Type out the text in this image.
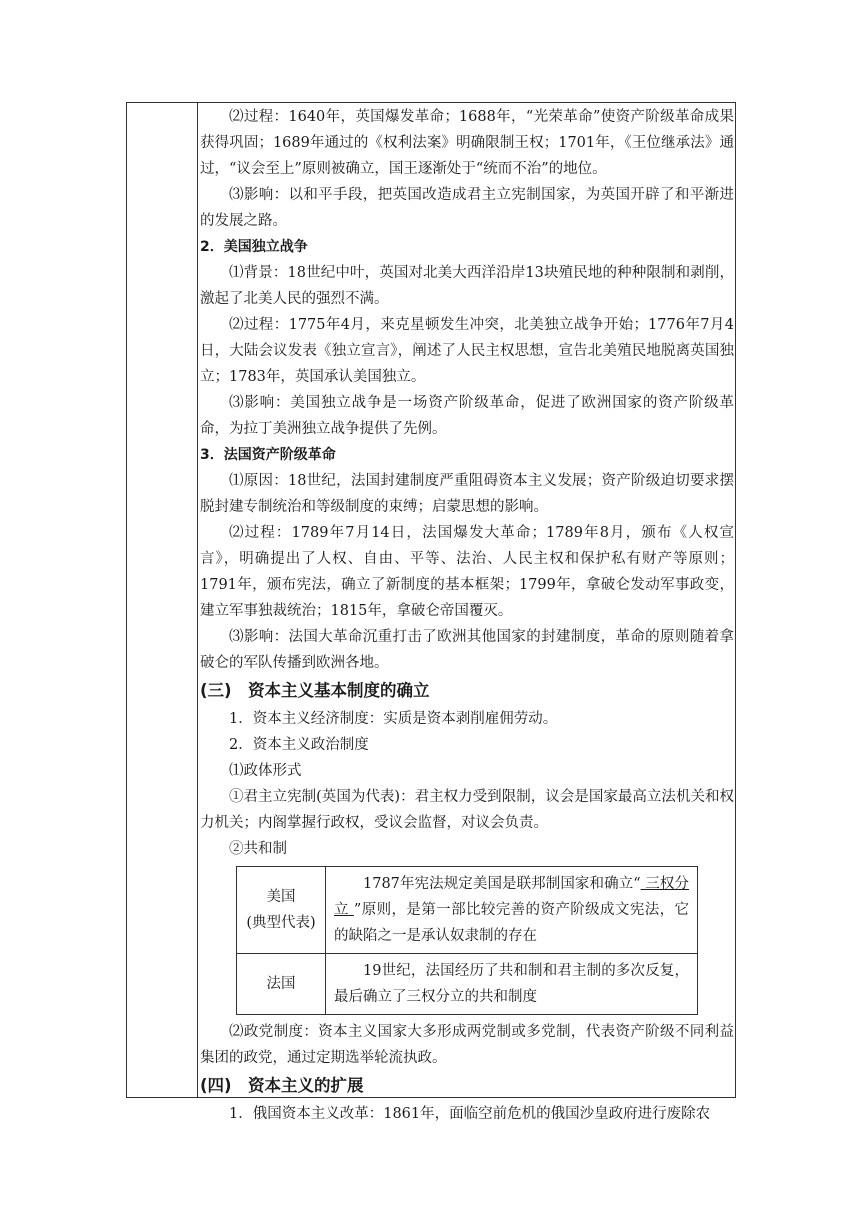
⑵过程：1640年，英国爆发革命；1688年，“光荣革命”使资产阶级革命成果获得巩固；1689年通过的《权利法案》明确限制王权；1701年，《王位继承法》通过，“议会至上”原则被确立，国王逐渐处于“统而不治”的地位。

⑶影响：以和平手段，把英国改造成君主立宪制国家，为英国开辟了和平渐进的发展之路。

2．美国独立战争

⑴背景：18世纪中叶，英国对北美大西洋沿岸13块殖民地的种种限制和剥削，激起了北美人民的强烈不满。

⑵过程：1775年4月，来克星顿发生冲突，北美独立战争开始；1776年7月4日，大陆会议发表《独立宣言》，阐述了人民主权思想，宣告北美殖民地脱离英国独立；1783年，英国承认美国独立。

⑶影响：美国独立战争是一场资产阶级革命，促进了欧洲国家的资产阶级革命，为拉丁美洲独立战争提供了先例。

3．法国资产阶级革命

⑴原因：18世纪，法国封建制度严重阻碍资本主义发展；资产阶级迫切要求摆脱封建专制统治和等级制度的束缚；启蒙思想的影响。

⑵过程：1789年7月14日，法国爆发大革命；1789年8月，颁布《人权宣言》，明确提出了人权、自由、平等、法治、人民主权和保护私有财产等原则；1791年，颁布宪法，确立了新制度的基本框架；1799年，拿破仑发动军事政变，建立军事独裁统治；1815年，拿破仑帝国覆灭。

⑶影响：法国大革命沉重打击了欧洲其他国家的封建制度，革命的原则随着拿破仑的军队传播到欧洲各地。

(三) 资本主义基本制度的确立

1．资本主义经济制度：实质是资本剥削雇佣劳动。

2．资本主义政治制度

⑴政体形式

①君主立宪制(英国为代表)：君主权力受到限制，议会是国家最高立法机关和权力机关；内阁掌握行政权，受议会监督，对议会负责。

②共和制

美国
(典型代表)	1787年宪法规定美国是联邦制国家和确立“ 三权分立 ”原则，是第一部比较完善的资产阶级成文宪法，它的缺陷之一是承认奴隶制的存在
法国	19世纪，法国经历了共和制和君主制的多次反复，最后确立了三权分立的共和制度

⑵政党制度：资本主义国家大多形成两党制或多党制，代表资产阶级不同利益集团的政党，通过定期选举轮流执政。

(四) 资本主义的扩展

1．俄国资本主义改革：1861年，面临空前危机的俄国沙皇政府进行废除农
